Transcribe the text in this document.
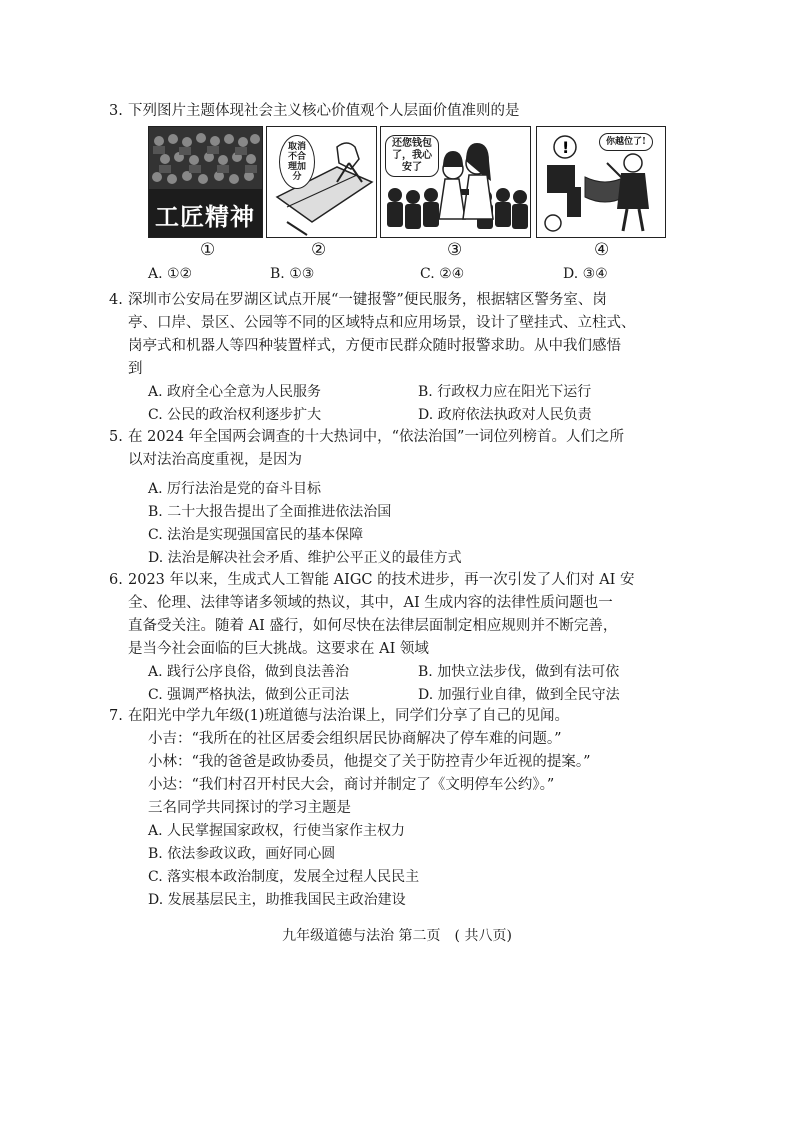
3. 下列图片主题体现社会主义核心价值观个人层面价值准则的是
工匠精神
①
取消不合理加分
②
还您钱包了，我心安了
③
!	你越位了!
④
A. ①②	B. ①③	C. ②④	D. ③④
4. 深圳市公安局在罗湖区试点开展“一键报警”便民服务，根据辖区警务室、岗
亭、口岸、景区、公园等不同的区域特点和应用场景，设计了壁挂式、立柱式、
岗亭式和机器人等四种装置样式，方便市民群众随时报警求助。从中我们感悟
到
A. 政府全心全意为人民服务	B. 行政权力应在阳光下运行
C. 公民的政治权利逐步扩大	D. 政府依法执政对人民负责
5. 在 2024 年全国两会调查的十大热词中，“依法治国”一词位列榜首。人们之所
以对法治高度重视，是因为
A. 厉行法治是党的奋斗目标
B. 二十大报告提出了全面推进依法治国
C. 法治是实现强国富民的基本保障
D. 法治是解决社会矛盾、维护公平正义的最佳方式
6. 2023 年以来，生成式人工智能 AIGC 的技术进步，再一次引发了人们对 AI 安
全、伦理、法律等诸多领域的热议，其中，AI 生成内容的法律性质问题也一
直备受关注。随着 AI 盛行，如何尽快在法律层面制定相应规则并不断完善，
是当今社会面临的巨大挑战。这要求在 AI 领域
A. 践行公序良俗，做到良法善治	B. 加快立法步伐，做到有法可依
C. 强调严格执法，做到公正司法	D. 加强行业自律，做到全民守法
7. 在阳光中学九年级(1)班道德与法治课上，同学们分享了自己的见闻。
小吉：“我所在的社区居委会组织居民协商解决了停车难的问题。”
小林：“我的爸爸是政协委员，他提交了关于防控青少年近视的提案。”
小达：“我们村召开村民大会，商讨并制定了《文明停车公约》。”
三名同学共同探讨的学习主题是
A. 人民掌握国家政权，行使当家作主权力
B. 依法参政议政，画好同心圆
C. 落实根本政治制度，发展全过程人民民主
D. 发展基层民主，助推我国民主政治建设
九年级道德与法治 第二页　( 共八页)
